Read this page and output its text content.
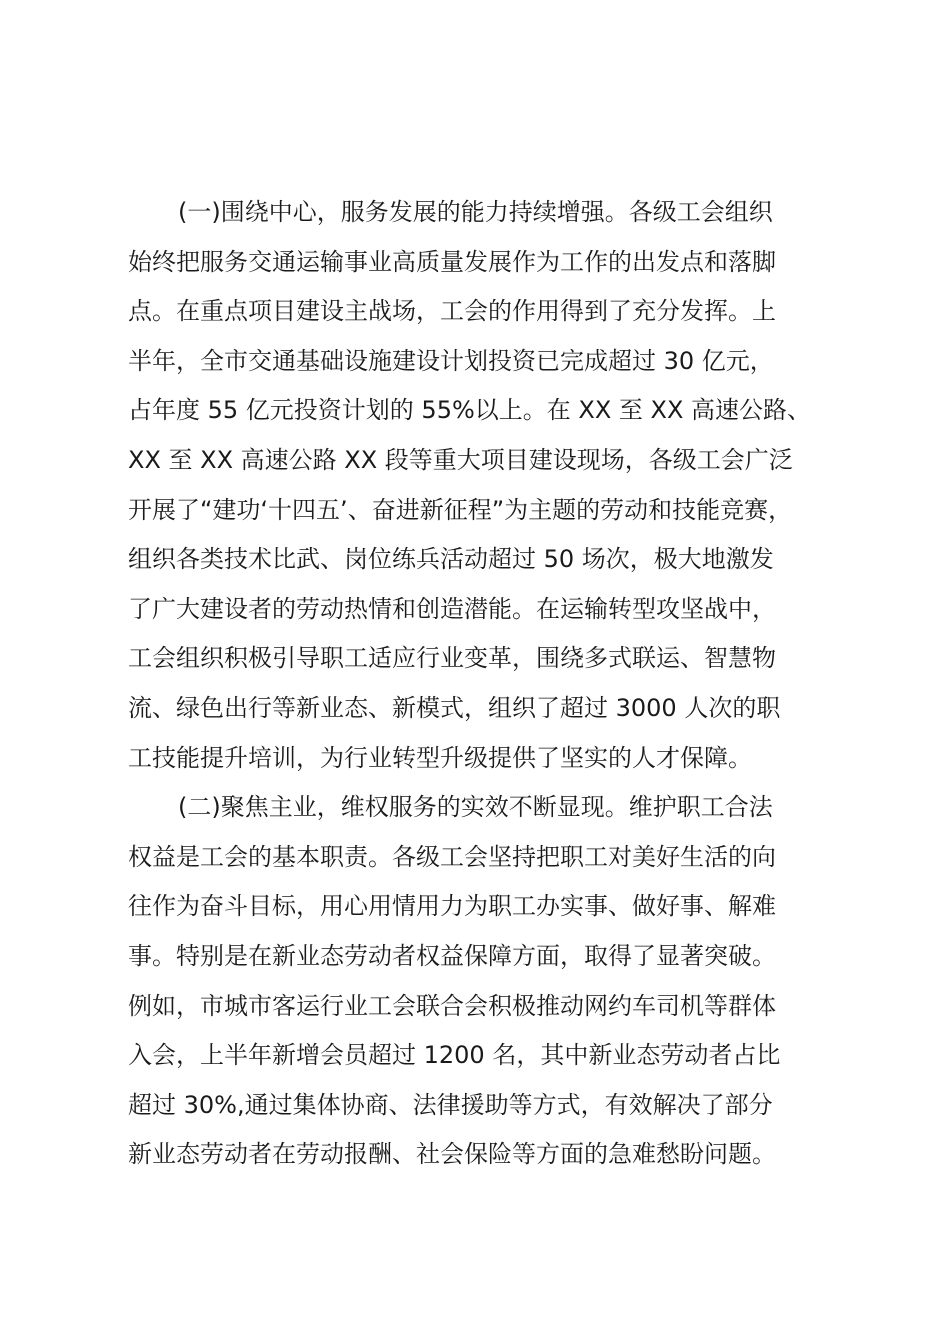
(一)围绕中心，服务发展的能力持续增强。各级工会组织
始终把服务交通运输事业高质量发展作为工作的出发点和落脚
点。在重点项目建设主战场，工会的作用得到了充分发挥。上
半年，全市交通基础设施建设计划投资已完成超过 30 亿元，
占年度 55 亿元投资计划的 55%以上。在 XX 至 XX 高速公路、
XX 至 XX 高速公路 XX 段等重大项目建设现场，各级工会广泛
开展了“建功‘十四五’、奋进新征程”为主题的劳动和技能竞赛，
组织各类技术比武、岗位练兵活动超过 50 场次，极大地激发
了广大建设者的劳动热情和创造潜能。在运输转型攻坚战中，
工会组织积极引导职工适应行业变革，围绕多式联运、智慧物
流、绿色出行等新业态、新模式，组织了超过 3000 人次的职
工技能提升培训，为行业转型升级提供了坚实的人才保障。
(二)聚焦主业，维权服务的实效不断显现。维护职工合法
权益是工会的基本职责。各级工会坚持把职工对美好生活的向
往作为奋斗目标，用心用情用力为职工办实事、做好事、解难
事。特别是在新业态劳动者权益保障方面，取得了显著突破。
例如，市城市客运行业工会联合会积极推动网约车司机等群体
入会，上半年新增会员超过 1200 名，其中新业态劳动者占比
超过 30%,通过集体协商、法律援助等方式，有效解决了部分
新业态劳动者在劳动报酬、社会保险等方面的急难愁盼问题。
